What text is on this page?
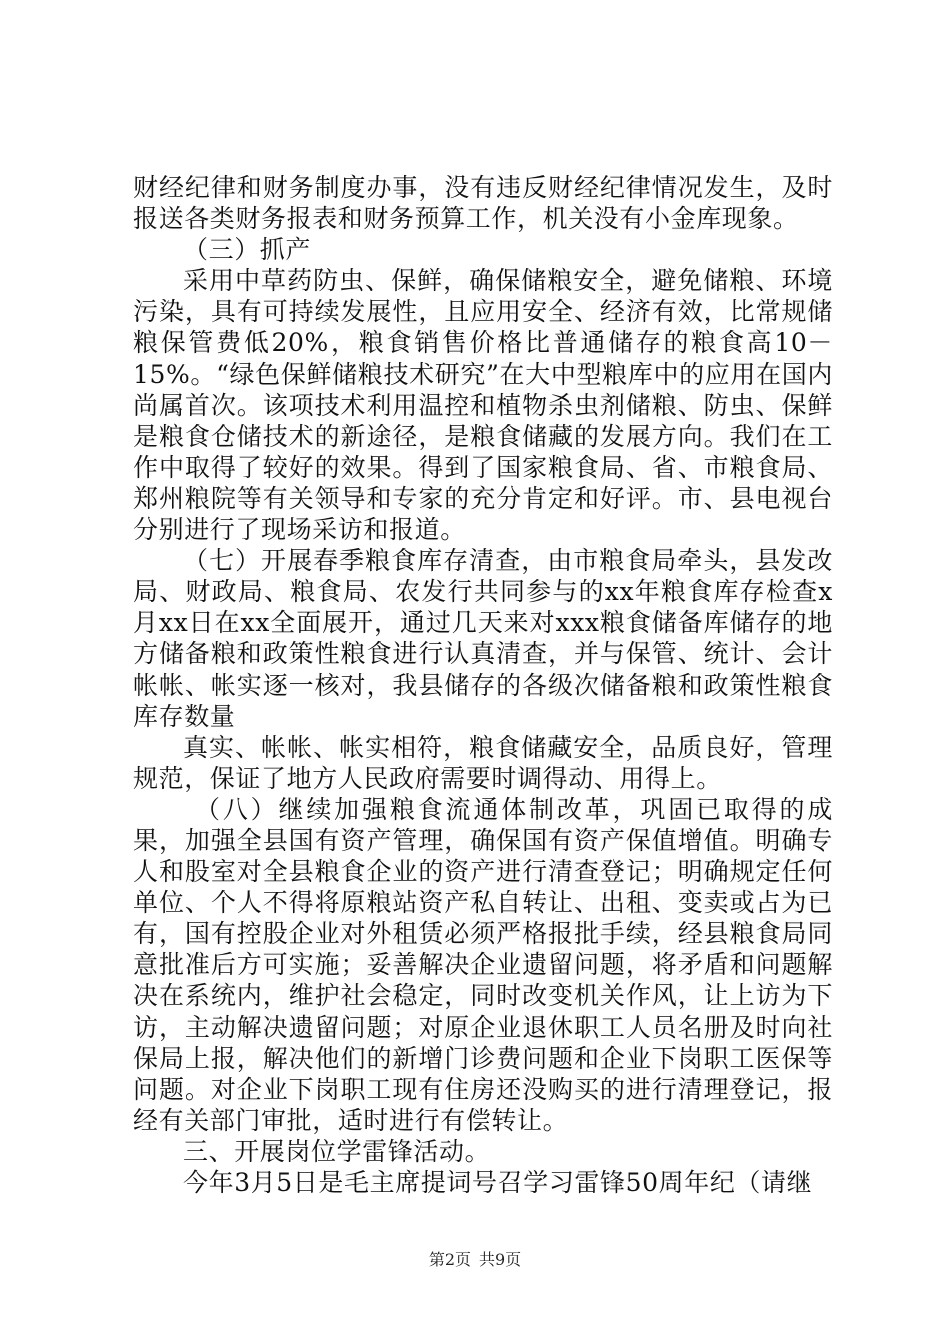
财经纪律和财务制度办事，没有违反财经纪律情况发生，及时报送各类财务报表和财务预算工作，机关没有小金库现象。

（三）抓产

采用中草药防虫、保鲜，确保储粮安全，避免储粮、环境污染，具有可持续发展性，且应用安全、经济有效，比常规储粮保管费低20%，粮食销售价格比普通储存的粮食高10－15%。“绿色保鲜储粮技术研究”在大中型粮库中的应用在国内尚属首次。该项技术利用温控和植物杀虫剂储粮、防虫、保鲜是粮食仓储技术的新途径，是粮食储藏的发展方向。我们在工作中取得了较好的效果。得到了国家粮食局、省、市粮食局、郑州粮院等有关领导和专家的充分肯定和好评。市、县电视台分别进行了现场采访和报道。

（七）开展春季粮食库存清查，由市粮食局牵头，县发改局、财政局、粮食局、农发行共同参与的xx年粮食库存检查x月xx日在xx全面展开，通过几天来对xxx粮食储备库储存的地方储备粮和政策性粮食进行认真清查，并与保管、统计、会计帐帐、帐实逐一核对，我县储存的各级次储备粮和政策性粮食库存数量

真实、帐帐、帐实相符，粮食储藏安全，品质良好，管理规范，保证了地方人民政府需要时调得动、用得上。

（八）继续加强粮食流通体制改革，巩固已取得的成果，加强全县国有资产管理，确保国有资产保值增值。明确专人和股室对全县粮食企业的资产进行清查登记；明确规定任何单位、个人不得将原粮站资产私自转让、出租、变卖或占为已有，国有控股企业对外租赁必须严格报批手续，经县粮食局同意批准后方可实施；妥善解决企业遗留问题，将矛盾和问题解决在系统内，维护社会稳定，同时改变机关作风，让上访为下访，主动解决遗留问题；对原企业退休职工人员名册及时向社保局上报，解决他们的新增门诊费问题和企业下岗职工医保等问题。对企业下岗职工现有住房还没购买的进行清理登记，报经有关部门审批，适时进行有偿转让。

三、开展岗位学雷锋活动。

今年3月5日是毛主席提词号召学习雷锋50周年纪（请继

第2页 共9页
